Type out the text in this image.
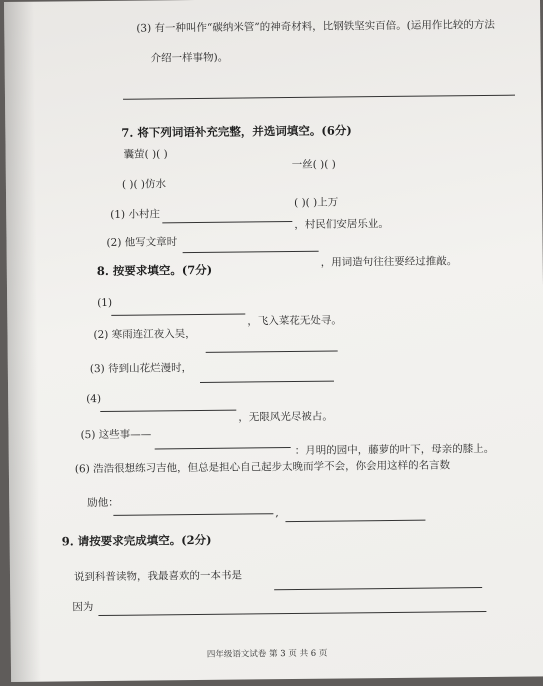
(3) 有一种叫作“碳纳米管”的神奇材料，比钢铁坚实百倍。(运用作比较的方法
介绍一样事物)。
7. 将下列词语补充完整，并选词填空。(6分)
囊萤( )( )
一丝( )( )
( )( )仿水
( )( )上万
(1) 小村庄
，村民们安居乐业。
(2) 他写文章时
，用词造句往往要经过推敲。
8. 按要求填空。(7分)
(1)
，飞入菜花无处寻。
(2) 寒雨连江夜入吴，
(3) 待到山花烂漫时，
(4)
，无限风光尽被占。
(5) 这些事——
：月明的园中，藤萝的叶下，母亲的膝上。
(6) 浩浩很想练习吉他，但总是担心自己起步太晚而学不会，你会用这样的名言数
励他：
,
9. 请按要求完成填空。(2分)
说到科普读物，我最喜欢的一本书是
因为
四年级语文试卷 第 3 页 共 6 页
